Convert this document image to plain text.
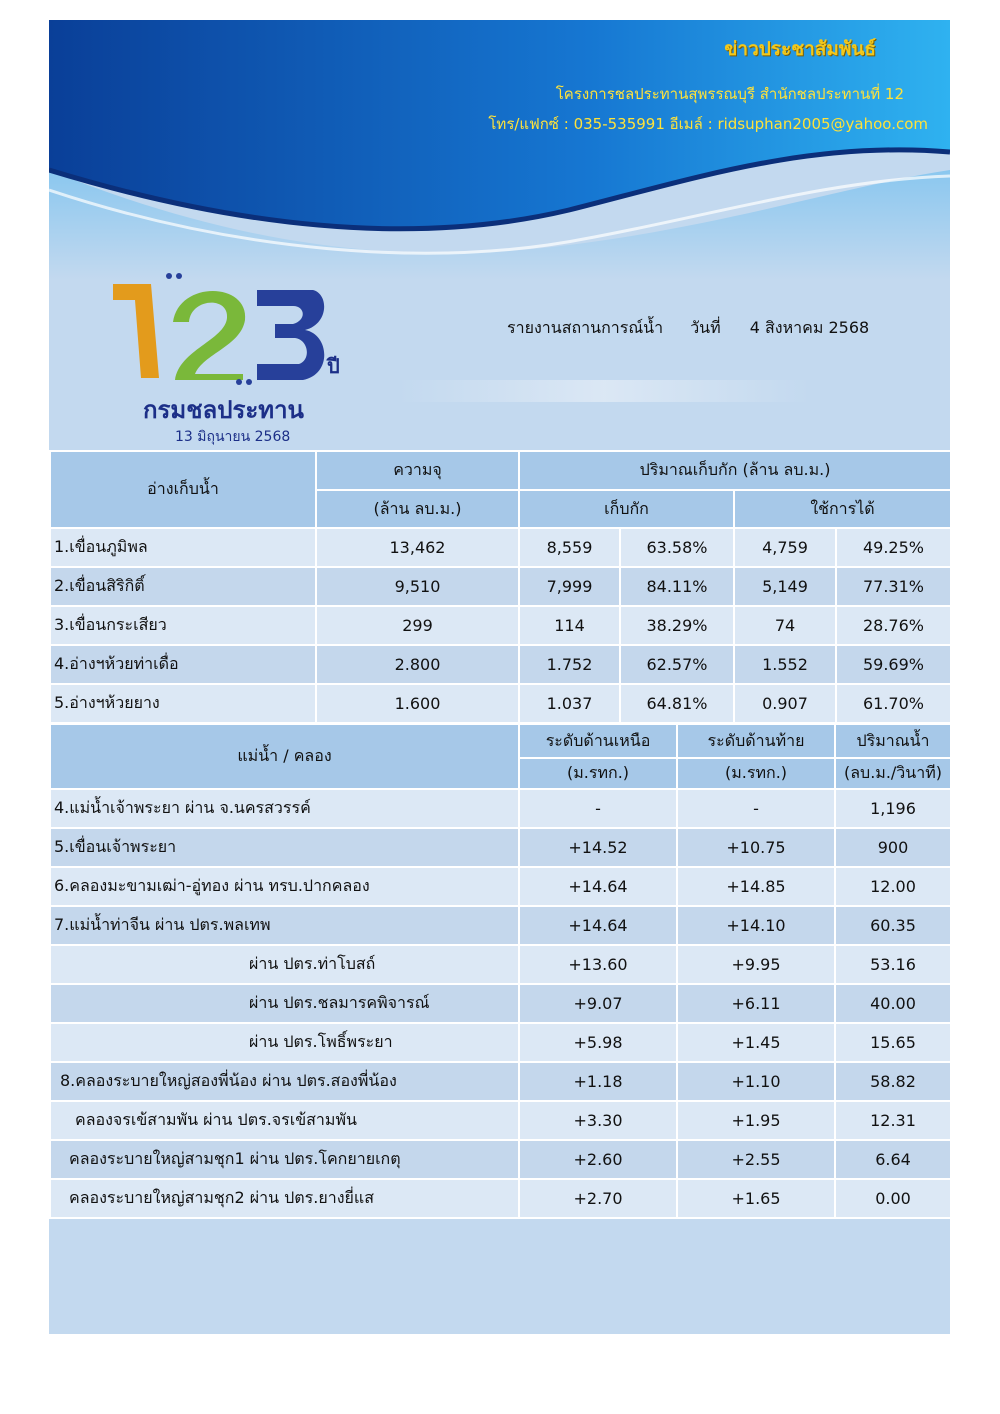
ข่าวประชาสัมพันธ์
โครงการชลประทานสุพรรณบุรี สำนักชลประทานที่ 12
โทร/แฟกซ์ : 035-535991 อีเมล์ : ridsuphan2005@yahoo.com
ปี
กรมชลประทาน
13 มิถุนายน 2568
รายงานสถานการณ์น้ำ วันที่ 4 สิงหาคม 2568
อ่างเก็บน้ำ	ความจุ	ปริมาณเก็บกัก (ล้าน ลบ.ม.)			
	(ล้าน ลบ.ม.)	เก็บกัก		ใช้การได้	
1.เขื่อนภูมิพล	13,462	8,559	63.58%	4,759	49.25%
2.เขื่อนสิริกิติ์	9,510	7,999	84.11%	5,149	77.31%
3.เขื่อนกระเสียว	299	114	38.29%	74	28.76%
4.อ่างฯห้วยท่าเดื่อ	2.800	1.752	62.57%	1.552	59.69%
5.อ่างฯห้วยยาง	1.600	1.037	64.81%	0.907	61.70%
แม่น้ำ / คลอง	ระดับด้านเหนือ	ระดับด้านท้าย	ปริมาณน้ำ
	(ม.รทก.)	(ม.รทก.)	(ลบ.ม./วินาที)
4.แม่น้ำเจ้าพระยา ผ่าน จ.นครสวรรค์	-	-	1,196
5.เขื่อนเจ้าพระยา	+14.52	+10.75	900
6.คลองมะขามเฒ่า-อู่ทอง ผ่าน ทรบ.ปากคลอง	+14.64	+14.85	12.00
7.แม่น้ำท่าจีน ผ่าน ปตร.พลเทพ	+14.64	+14.10	60.35
ผ่าน ปตร.ท่าโบสถ์	+13.60	+9.95	53.16
ผ่าน ปตร.ชลมารคพิจารณ์	+9.07	+6.11	40.00
ผ่าน ปตร.โพธิ์พระยา	+5.98	+1.45	15.65
8.คลองระบายใหญ่สองพี่น้อง ผ่าน ปตร.สองพี่น้อง	+1.18	+1.10	58.82
คลองจรเข้สามพัน ผ่าน ปตร.จรเข้สามพัน	+3.30	+1.95	12.31
คลองระบายใหญ่สามชุก1 ผ่าน ปตร.โคกยายเกตุ	+2.60	+2.55	6.64
คลองระบายใหญ่สามชุก2 ผ่าน ปตร.ยางยี่แส	+2.70	+1.65	0.00
